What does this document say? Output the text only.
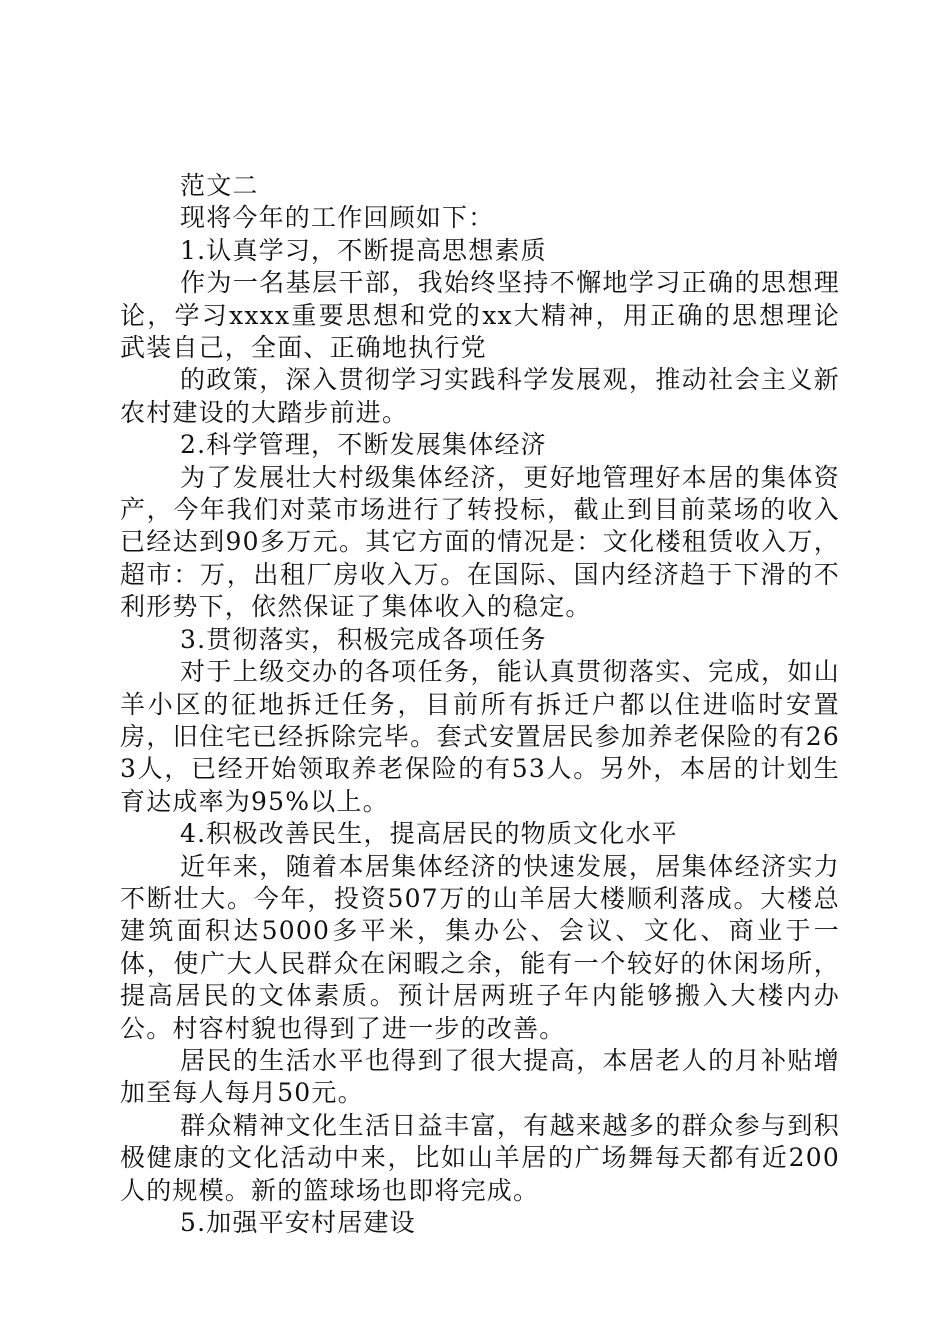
范文二

现将今年的工作回顾如下：

1.认真学习，不断提高思想素质

作为一名基层干部，我始终坚持不懈地学习正确的思想理论，学习xxxx重要思想和党的xx大精神，用正确的思想理论武装自己，全面、正确地执行党

的政策，深入贯彻学习实践科学发展观，推动社会主义新农村建设的大踏步前进。

2.科学管理，不断发展集体经济

为了发展壮大村级集体经济，更好地管理好本居的集体资产，今年我们对菜市场进行了转投标，截止到目前菜场的收入已经达到90多万元。其它方面的情况是：文化楼租赁收入万，超市：万，出租厂房收入万。在国际、国内经济趋于下滑的不利形势下，依然保证了集体收入的稳定。

3.贯彻落实，积极完成各项任务

对于上级交办的各项任务，能认真贯彻落实、完成，如山羊小区的征地拆迁任务，目前所有拆迁户都以住进临时安置房，旧住宅已经拆除完毕。套式安置居民参加养老保险的有263人，已经开始领取养老保险的有53人。另外，本居的计划生育达成率为95%以上。

4.积极改善民生，提高居民的物质文化水平

近年来，随着本居集体经济的快速发展，居集体经济实力不断壮大。今年，投资507万的山羊居大楼顺利落成。大楼总建筑面积达5000多平米，集办公、会议、文化、商业于一体，使广大人民群众在闲暇之余，能有一个较好的休闲场所，提高居民的文体素质。预计居两班子年内能够搬入大楼内办公。村容村貌也得到了进一步的改善。

居民的生活水平也得到了很大提高，本居老人的月补贴增加至每人每月50元。

群众精神文化生活日益丰富，有越来越多的群众参与到积极健康的文化活动中来，比如山羊居的广场舞每天都有近200人的规模。新的篮球场也即将完成。

5.加强平安村居建设
